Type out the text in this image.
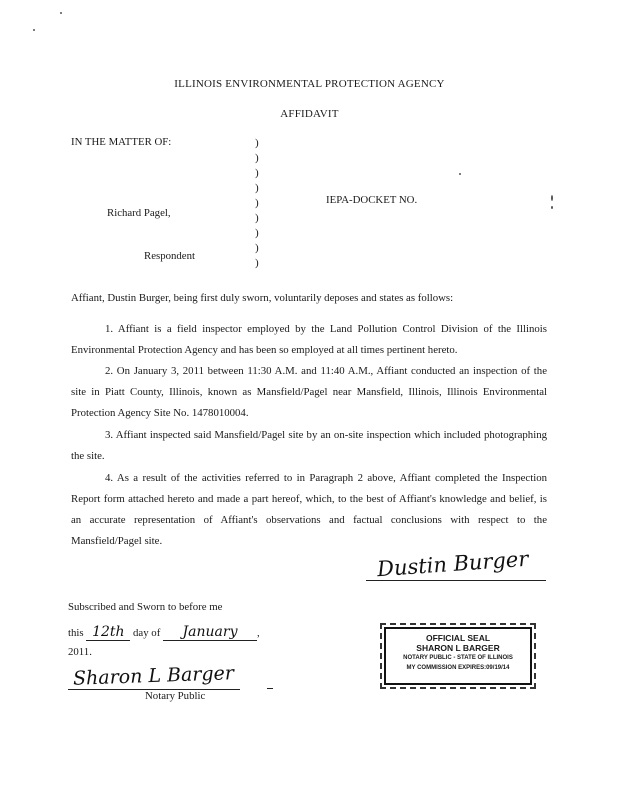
ILLINOIS ENVIRONMENTAL PROTECTION AGENCY
AFFIDAVIT
IN THE MATTER OF:	)
)
)
)
)
)
)
)
)
Richard Pagel,
Respondent
IEPA-DOCKET NO.
Affiant, Dustin Burger, being first duly sworn, voluntarily deposes and states as follows:
1. Affiant is a field inspector employed by the Land Pollution Control Division of the Illinois Environmental Protection Agency and has been so employed at all times pertinent hereto.
2. On January 3, 2011 between 11:30 A.M. and 11:40 A.M., Affiant conducted an inspection of the site in Piatt County, Illinois, known as Mansfield/Pagel near Mansfield, Illinois, Illinois Environmental Protection Agency Site No. 1478010004.
3. Affiant inspected said Mansfield/Pagel site by an on-site inspection which included photographing the site.
4. As a result of the activities referred to in Paragraph 2 above, Affiant completed the Inspection Report form attached hereto and made a part hereof, which, to the best of Affiant's knowledge and belief, is an accurate representation of Affiant's observations and factual conclusions with respect to the Mansfield/Pagel site.
Dustin Burger
Subscribed and Sworn to before me
this 12th day of January ,
2011.
Sharon L Barger
Notary Public
OFFICIAL SEAL
SHARON L BARGER
NOTARY PUBLIC - STATE OF ILLINOIS
MY COMMISSION EXPIRES:09/19/14
